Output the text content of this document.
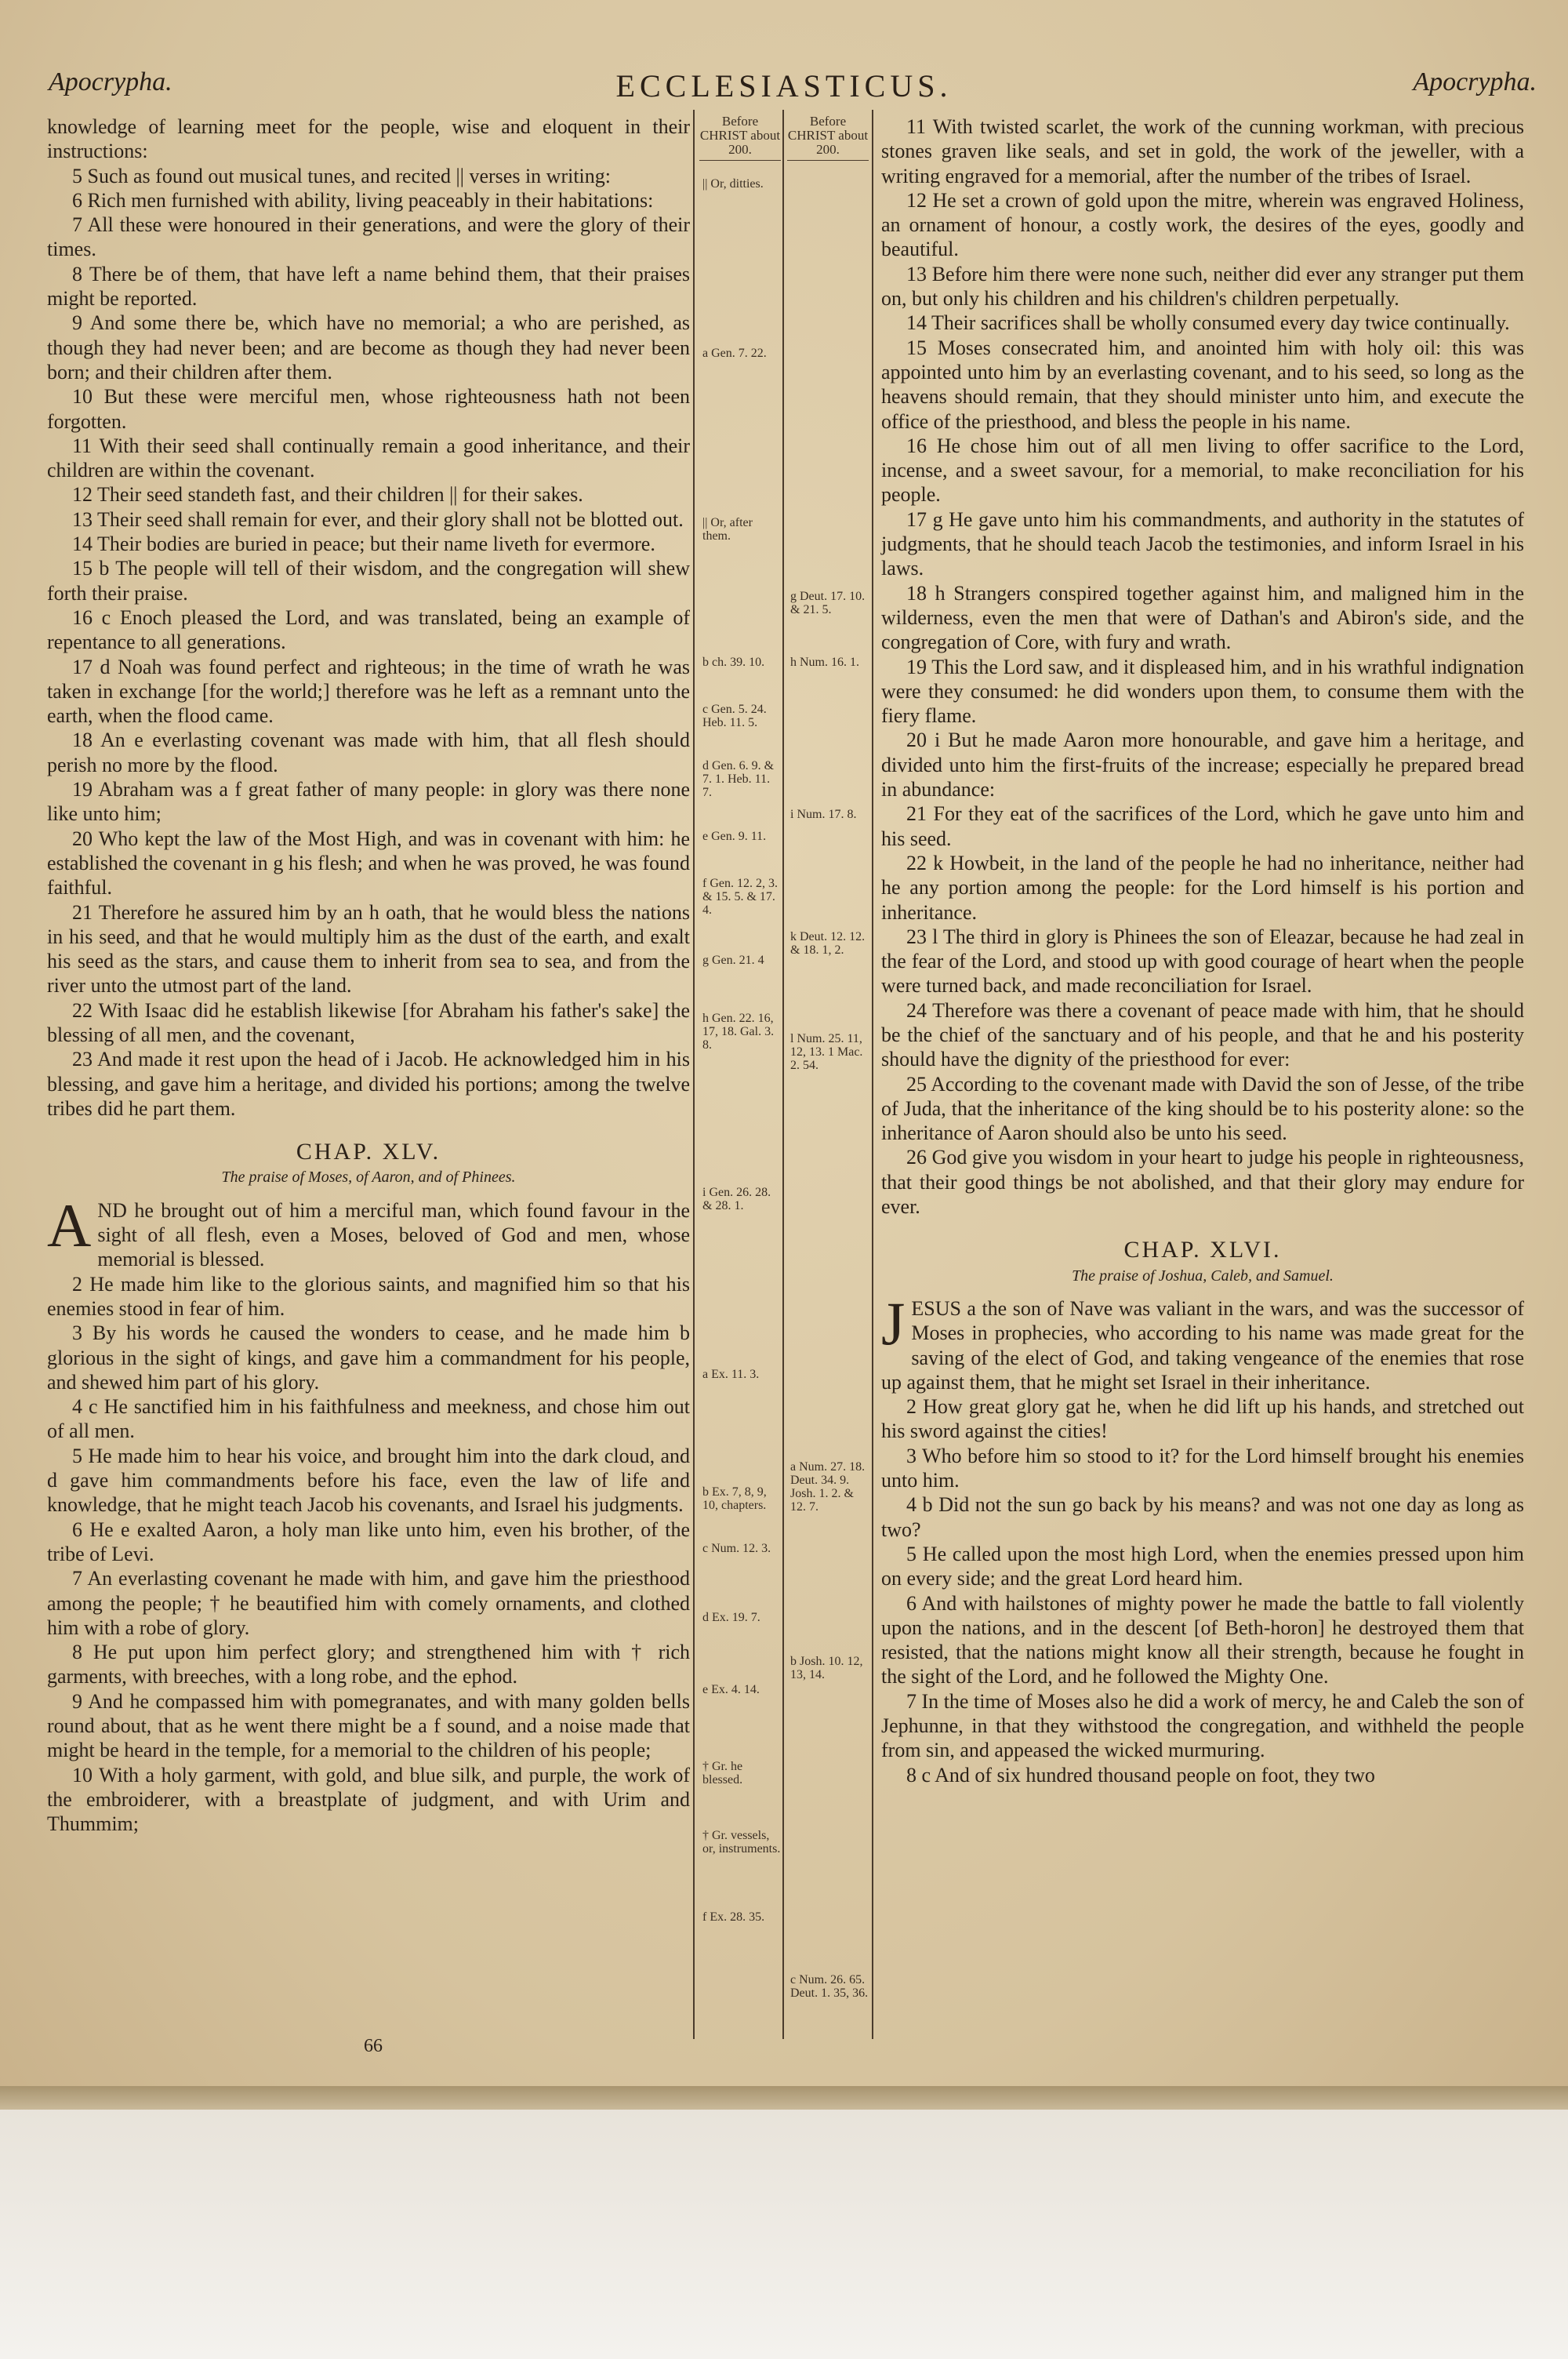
Apocrypha.	ECCLESIASTICUS.	Apocrypha.

knowledge of learning meet for the people, wise and eloquent in their instructions:

5 Such as found out musical tunes, and recited || verses in writing:

6 Rich men furnished with ability, living peaceably in their habitations:

7 All these were honoured in their generations, and were the glory of their times.

8 There be of them, that have left a name behind them, that their praises might be reported.

9 And some there be, which have no memorial; a who are perished, as though they had never been; and are become as though they had never been born; and their children after them.

10 But these were merciful men, whose righteousness hath not been forgotten.

11 With their seed shall continually remain a good inheritance, and their children are within the covenant.

12 Their seed standeth fast, and their children || for their sakes.

13 Their seed shall remain for ever, and their glory shall not be blotted out.

14 Their bodies are buried in peace; but their name liveth for evermore.

15 b The people will tell of their wisdom, and the congregation will shew forth their praise.

16 c Enoch pleased the Lord, and was translated, being an example of repentance to all generations.

17 d Noah was found perfect and righteous; in the time of wrath he was taken in exchange [for the world;] therefore was he left as a remnant unto the earth, when the flood came.

18 An e everlasting covenant was made with him, that all flesh should perish no more by the flood.

19 Abraham was a f great father of many people: in glory was there none like unto him;

20 Who kept the law of the Most High, and was in covenant with him: he established the covenant in g his flesh; and when he was proved, he was found faithful.

21 Therefore he assured him by an h oath, that he would bless the nations in his seed, and that he would multiply him as the dust of the earth, and exalt his seed as the stars, and cause them to inherit from sea to sea, and from the river unto the utmost part of the land.

22 With Isaac did he establish likewise [for Abraham his father's sake] the blessing of all men, and the covenant,

23 And made it rest upon the head of i Jacob. He acknowledged him in his blessing, and gave him a heritage, and divided his portions; among the twelve tribes did he part them.

CHAP. XLV.
The praise of Moses, of Aaron, and of Phinees.

AND he brought out of him a merciful man, which found favour in the sight of all flesh, even a Moses, beloved of God and men, whose memorial is blessed.

2 He made him like to the glorious saints, and magnified him so that his enemies stood in fear of him.

3 By his words he caused the wonders to cease, and he made him b glorious in the sight of kings, and gave him a commandment for his people, and shewed him part of his glory.

4 c He sanctified him in his faithfulness and meekness, and chose him out of all men.

5 He made him to hear his voice, and brought him into the dark cloud, and d gave him commandments before his face, even the law of life and knowledge, that he might teach Jacob his covenants, and Israel his judgments.

6 He e exalted Aaron, a holy man like unto him, even his brother, of the tribe of Levi.

7 An everlasting covenant he made with him, and gave him the priesthood among the people; † he beautified him with comely ornaments, and clothed him with a robe of glory.

8 He put upon him perfect glory; and strengthened him with † rich garments, with breeches, with a long robe, and the ephod.

9 And he compassed him with pomegranates, and with many golden bells round about, that as he went there might be a f sound, and a noise made that might be heard in the temple, for a memorial to the children of his people;

10 With a holy garment, with gold, and blue silk, and purple, the work of the embroiderer, with a breastplate of judgment, and with Urim and Thummim;

Before CHRIST about 200.
|| Or, ditties.
a Gen. 7. 22.
|| Or, after them.
b ch. 39. 10.
c Gen. 5. 24. Heb. 11. 5.
d Gen. 6. 9. & 7. 1. Heb. 11. 7.
e Gen. 9. 11.
f Gen. 12. 2, 3. & 15. 5. & 17. 4.
g Gen. 21. 4
h Gen. 22. 16, 17, 18. Gal. 3. 8.
i Gen. 26. 28. & 28. 1.
a Ex. 11. 3.
b Ex. 7, 8, 9, 10, chapters.
c Num. 12. 3.
d Ex. 19. 7.
e Ex. 4. 14.
† Gr. he blessed.
† Gr. vessels, or, instruments.
f Ex. 28. 35.
Before CHRIST about 200.
g Deut. 17. 10. & 21. 5.
h Num. 16. 1.
i Num. 17. 8.
k Deut. 12. 12. & 18. 1, 2.
l Num. 25. 11, 12, 13. 1 Mac. 2. 54.
a Num. 27. 18. Deut. 34. 9. Josh. 1. 2. & 12. 7.
b Josh. 10. 12, 13, 14.
c Num. 26. 65. Deut. 1. 35, 36.

11 With twisted scarlet, the work of the cunning workman, with precious stones graven like seals, and set in gold, the work of the jeweller, with a writing engraved for a memorial, after the number of the tribes of Israel.

12 He set a crown of gold upon the mitre, wherein was engraved Holiness, an ornament of honour, a costly work, the desires of the eyes, goodly and beautiful.

13 Before him there were none such, neither did ever any stranger put them on, but only his children and his children's children perpetually.

14 Their sacrifices shall be wholly consumed every day twice continually.

15 Moses consecrated him, and anointed him with holy oil: this was appointed unto him by an everlasting covenant, and to his seed, so long as the heavens should remain, that they should minister unto him, and execute the office of the priesthood, and bless the people in his name.

16 He chose him out of all men living to offer sacrifice to the Lord, incense, and a sweet savour, for a memorial, to make reconciliation for his people.

17 g He gave unto him his commandments, and authority in the statutes of judgments, that he should teach Jacob the testimonies, and inform Israel in his laws.

18 h Strangers conspired together against him, and maligned him in the wilderness, even the men that were of Dathan's and Abiron's side, and the congregation of Core, with fury and wrath.

19 This the Lord saw, and it displeased him, and in his wrathful indignation were they consumed: he did wonders upon them, to consume them with the fiery flame.

20 i But he made Aaron more honourable, and gave him a heritage, and divided unto him the first-fruits of the increase; especially he prepared bread in abundance:

21 For they eat of the sacrifices of the Lord, which he gave unto him and his seed.

22 k Howbeit, in the land of the people he had no inheritance, neither had he any portion among the people: for the Lord himself is his portion and inheritance.

23 l The third in glory is Phinees the son of Eleazar, because he had zeal in the fear of the Lord, and stood up with good courage of heart when the people were turned back, and made reconciliation for Israel.

24 Therefore was there a covenant of peace made with him, that he should be the chief of the sanctuary and of his people, and that he and his posterity should have the dignity of the priesthood for ever:

25 According to the covenant made with David the son of Jesse, of the tribe of Juda, that the inheritance of the king should be to his posterity alone: so the inheritance of Aaron should also be unto his seed.

26 God give you wisdom in your heart to judge his people in righteousness, that their good things be not abolished, and that their glory may endure for ever.

CHAP. XLVI.
The praise of Joshua, Caleb, and Samuel.

JESUS a the son of Nave was valiant in the wars, and was the successor of Moses in prophecies, who according to his name was made great for the saving of the elect of God, and taking vengeance of the enemies that rose up against them, that he might set Israel in their inheritance.

2 How great glory gat he, when he did lift up his hands, and stretched out his sword against the cities!

3 Who before him so stood to it? for the Lord himself brought his enemies unto him.

4 b Did not the sun go back by his means? and was not one day as long as two?

5 He called upon the most high Lord, when the enemies pressed upon him on every side; and the great Lord heard him.

6 And with hailstones of mighty power he made the battle to fall violently upon the nations, and in the descent [of Beth-horon] he destroyed them that resisted, that the nations might know all their strength, because he fought in the sight of the Lord, and he followed the Mighty One.

7 In the time of Moses also he did a work of mercy, he and Caleb the son of Jephunne, in that they withstood the congregation, and withheld the people from sin, and appeased the wicked murmuring.

8 c And of six hundred thousand people on foot, they two

66
